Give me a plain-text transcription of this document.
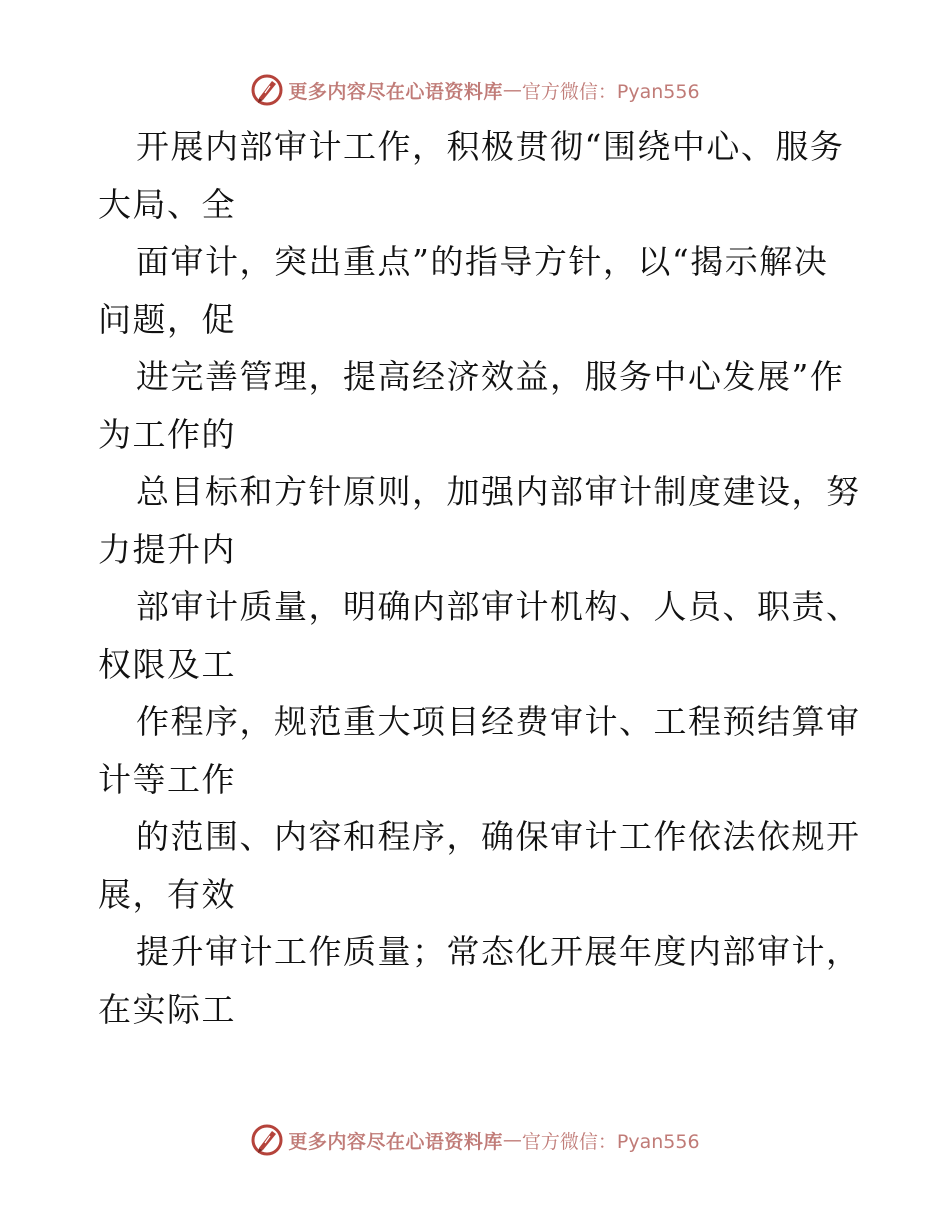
更多内容尽在心语资料库 — 官方微信：Pyan556
开展内部审计工作，积极贯彻“围绕中心、服务
大局、全
面审计，突出重点”的指导方针，以“揭示解决
问题，促
进完善管理，提高经济效益，服务中心发展”作
为工作的
总目标和方针原则，加强内部审计制度建设，努
力提升内
部审计质量，明确内部审计机构、人员、职责、
权限及工
作程序，规范重大项目经费审计、工程预结算审
计等工作
的范围、内容和程序，确保审计工作依法依规开
展，有效
提升审计工作质量；常态化开展年度内部审计，
在实际工
更多内容尽在心语资料库 — 官方微信：Pyan556
